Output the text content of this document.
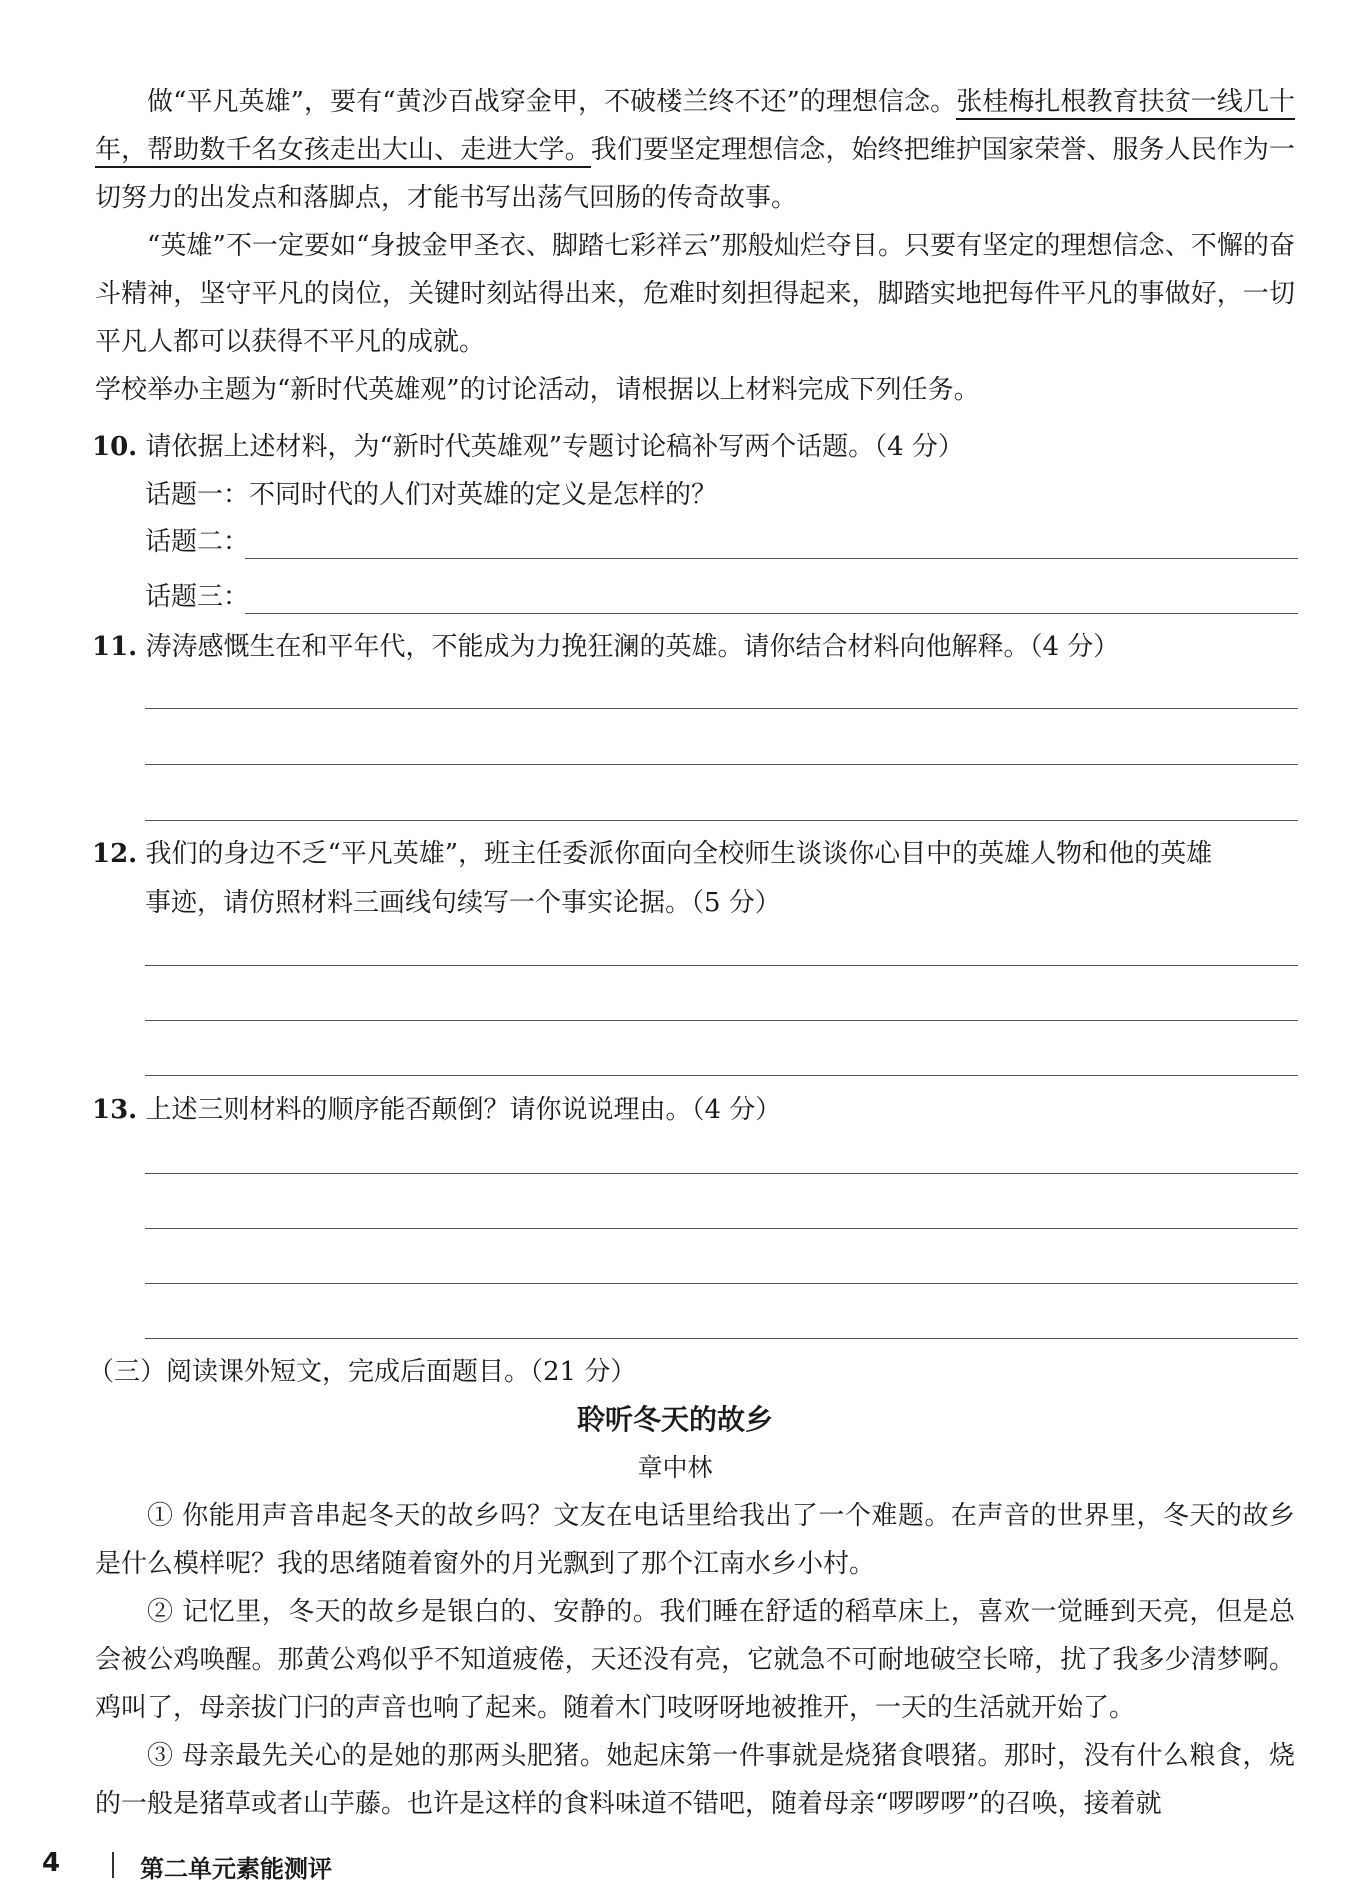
做“平凡英雄”，要有“黄沙百战穿金甲，不破楼兰终不还”的理想信念。张桂梅扎根教育扶贫一线几十年，帮助数千名女孩走出大山、走进大学。我们要坚定理想信念，始终把维护国家荣誉、服务人民作为一切努力的出发点和落脚点，才能书写出荡气回肠的传奇故事。

“英雄”不一定要如“身披金甲圣衣、脚踏七彩祥云”那般灿烂夺目。只要有坚定的理想信念、不懈的奋斗精神，坚守平凡的岗位，关键时刻站得出来，危难时刻担得起来，脚踏实地把每件平凡的事做好，一切平凡人都可以获得不平凡的成就。

学校举办主题为“新时代英雄观”的讨论活动，请根据以上材料完成下列任务。

10. 请依据上述材料，为“新时代英雄观”专题讨论稿补写两个话题。（4 分）
话题一：不同时代的人们对英雄的定义是怎样的？
话题二：
话题三：
11. 涛涛感慨生在和平年代，不能成为力挽狂澜的英雄。请你结合材料向他解释。（4 分）
12. 我们的身边不乏“平凡英雄”，班主任委派你面向全校师生谈谈你心目中的英雄人物和他的英雄
事迹，请仿照材料三画线句续写一个事实论据。（5 分）
13. 上述三则材料的顺序能否颠倒？请你说说理由。（4 分）
（三）阅读课外短文，完成后面题目。（21 分）

聆听冬天的故乡

章中林

① 你能用声音串起冬天的故乡吗？文友在电话里给我出了一个难题。在声音的世界里，冬天的故乡是什么模样呢？我的思绪随着窗外的月光飘到了那个江南水乡小村。

② 记忆里，冬天的故乡是银白的、安静的。我们睡在舒适的稻草床上，喜欢一觉睡到天亮，但是总会被公鸡唤醒。那黄公鸡似乎不知道疲倦，天还没有亮，它就急不可耐地破空长啼，扰了我多少清梦啊。鸡叫了，母亲拔门闩的声音也响了起来。随着木门吱呀呀地被推开，一天的生活就开始了。

③ 母亲最先关心的是她的那两头肥猪。她起床第一件事就是烧猪食喂猪。那时，没有什么粮食，烧的一般是猪草或者山芋藤。也许是这样的食料味道不错吧，随着母亲“啰啰啰”的召唤，接着就

4	第二单元素能测评
